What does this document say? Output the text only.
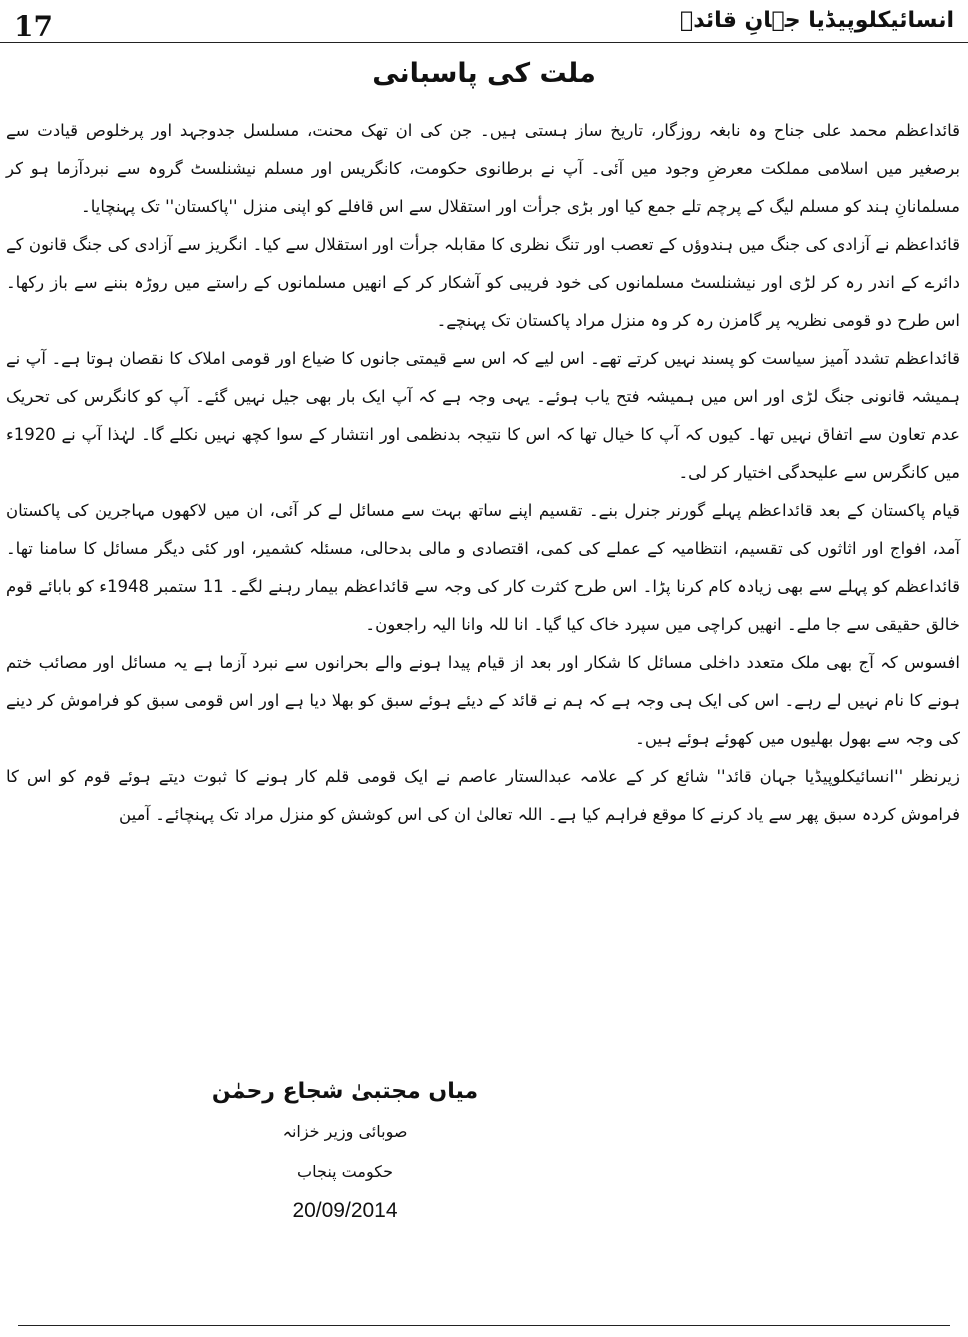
17	انسائیکلوپیڈیا جہانِ قائدؒ
ملت کی پاسبانی

قائداعظم محمد علی جناح وہ نابغہ روزگار، تاریخ ساز ہستی ہیں۔ جن کی ان تھک محنت، مسلسل جدوجہد اور پرخلوص قیادت سے برصغیر میں اسلامی مملکت معرضِ وجود میں آئی۔ آپ نے برطانوی حکومت، کانگریس اور مسلم نیشنلسٹ گروہ سے نبردآزما ہو کر مسلمانانِ ہند کو مسلم لیگ کے پرچم تلے جمع کیا اور بڑی جرأت اور استقلال سے اس قافلے کو اپنی منزل ''پاکستان'' تک پہنچایا۔

قائداعظم نے آزادی کی جنگ میں ہندوؤں کے تعصب اور تنگ نظری کا مقابلہ جرأت اور استقلال سے کیا۔ انگریز سے آزادی کی جنگ قانون کے دائرے کے اندر رہ کر لڑی اور نیشنلسٹ مسلمانوں کی خود فریبی کو آشکار کر کے انھیں مسلمانوں کے راستے میں روڑہ بننے سے باز رکھا۔ اس طرح دو قومی نظریہ پر گامزن رہ کر وہ منزل مراد پاکستان تک پہنچے۔

قائداعظم تشدد آمیز سیاست کو پسند نہیں کرتے تھے۔ اس لیے کہ اس سے قیمتی جانوں کا ضیاع اور قومی املاک کا نقصان ہوتا ہے۔ آپ نے ہمیشہ قانونی جنگ لڑی اور اس میں ہمیشہ فتح یاب ہوئے۔ یہی وجہ ہے کہ آپ ایک بار بھی جیل نہیں گئے۔ آپ کو کانگرس کی تحریک عدم تعاون سے اتفاق نہیں تھا۔ کیوں کہ آپ کا خیال تھا کہ اس کا نتیجہ بدنظمی اور انتشار کے سوا کچھ نہیں نکلے گا۔ لہٰذا آپ نے 1920ء میں کانگرس سے علیحدگی اختیار کر لی۔

قیام پاکستان کے بعد قائداعظم پہلے گورنر جنرل بنے۔ تقسیم اپنے ساتھ بہت سے مسائل لے کر آئی، ان میں لاکھوں مہاجرین کی پاکستان آمد، افواج اور اثاثوں کی تقسیم، انتظامیہ کے عملے کی کمی، اقتصادی و مالی بدحالی، مسئلہ کشمیر، اور کئی دیگر مسائل کا سامنا تھا۔ قائداعظم کو پہلے سے بھی زیادہ کام کرنا پڑا۔ اس طرح کثرت کار کی وجہ سے قائداعظم بیمار رہنے لگے۔ 11 ستمبر 1948ء کو بابائے قوم خالق حقیقی سے جا ملے۔ انھیں کراچی میں سپرد خاک کیا گیا۔ انا للہ وانا الیہ راجعون۔

افسوس کہ آج بھی ملک متعدد داخلی مسائل کا شکار اور بعد از قیام پیدا ہونے والے بحرانوں سے نبرد آزما ہے یہ مسائل اور مصائب ختم ہونے کا نام نہیں لے رہے۔ اس کی ایک ہی وجہ ہے کہ ہم نے قائد کے دیئے ہوئے سبق کو بھلا دیا ہے اور اس قومی سبق کو فراموش کر دینے کی وجہ سے بھول بھلیوں میں کھوئے ہوئے ہیں۔

زیرنظر ''انسائیکلوپیڈیا جہان قائد'' شائع کر کے علامہ عبدالستار عاصم نے ایک قومی قلم کار ہونے کا ثبوت دیتے ہوئے قوم کو اس کا فراموش کردہ سبق پھر سے یاد کرنے کا موقع فراہم کیا ہے۔ اللہ تعالیٰ ان کی اس کوشش کو منزل مراد تک پہنچائے۔ آمین

میاں مجتبیٰ شجاع رحمٰن

صوبائی وزیر خزانہ

حکومت پنجاب

20/09/2014
